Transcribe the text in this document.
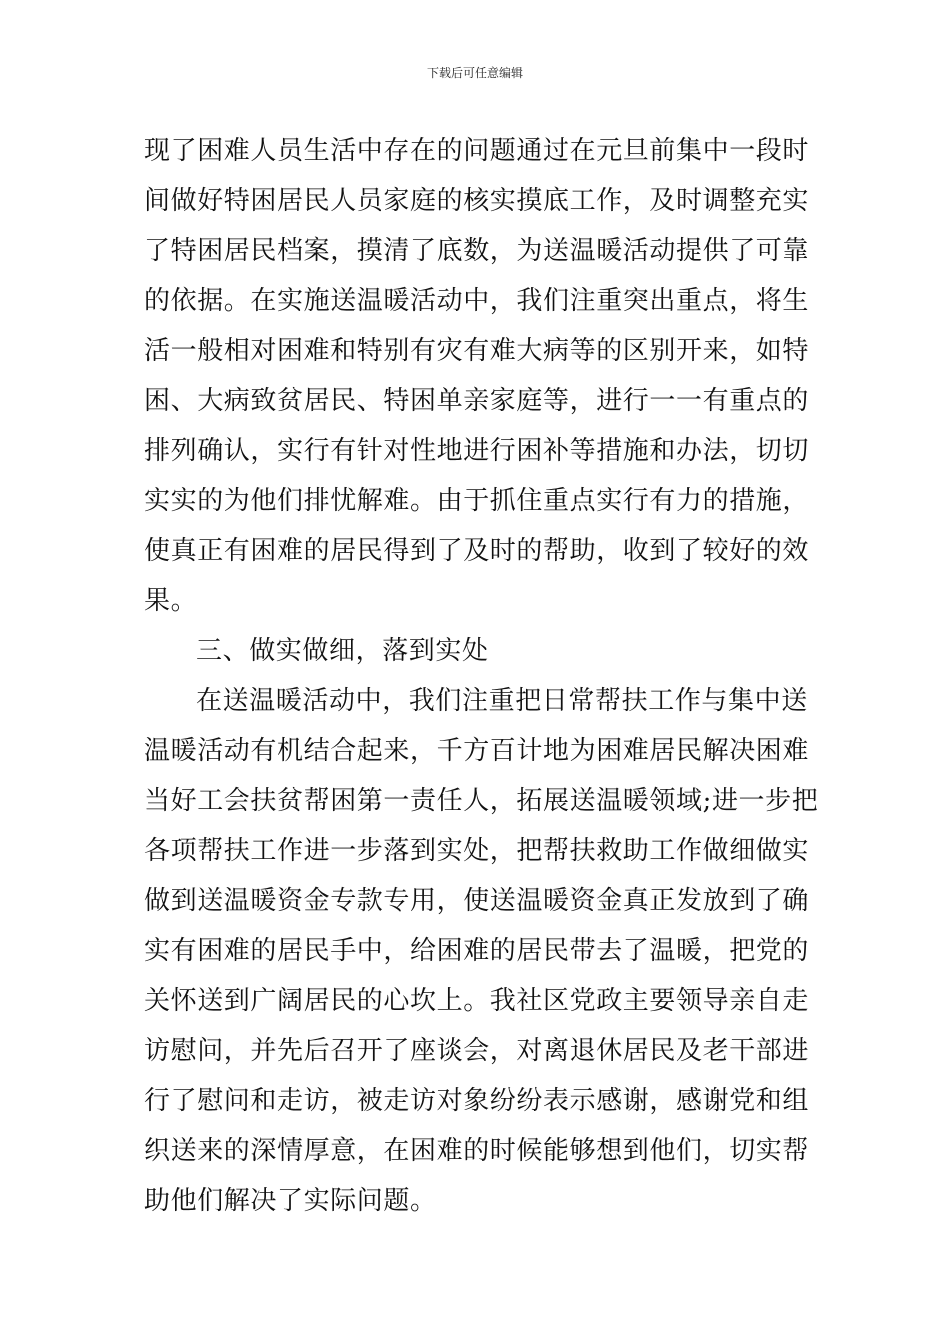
下载后可任意编辑
现了困难人员生活中存在的问题通过在元旦前集中一段时
间做好特困居民人员家庭的核实摸底工作，及时调整充实
了特困居民档案，摸清了底数，为送温暖活动提供了可靠
的依据。在实施送温暖活动中，我们注重突出重点，将生
活一般相对困难和特别有灾有难大病等的区别开来，如特
困、大病致贫居民、特困单亲家庭等，进行一一有重点的
排列确认，实行有针对性地进行困补等措施和办法，切切
实实的为他们排忧解难。由于抓住重点实行有力的措施，
使真正有困难的居民得到了及时的帮助，收到了较好的效
果。
三、做实做细，落到实处
在送温暖活动中，我们注重把日常帮扶工作与集中送
温暖活动有机结合起来，千方百计地为困难居民解决困难
当好工会扶贫帮困第一责任人，拓展送温暖领域;进一步把
各项帮扶工作进一步落到实处，把帮扶救助工作做细做实
做到送温暖资金专款专用，使送温暖资金真正发放到了确
实有困难的居民手中，给困难的居民带去了温暖，把党的
关怀送到广阔居民的心坎上。我社区党政主要领导亲自走
访慰问，并先后召开了座谈会，对离退休居民及老干部进
行了慰问和走访，被走访对象纷纷表示感谢，感谢党和组
织送来的深情厚意，在困难的时候能够想到他们，切实帮
助他们解决了实际问题。
